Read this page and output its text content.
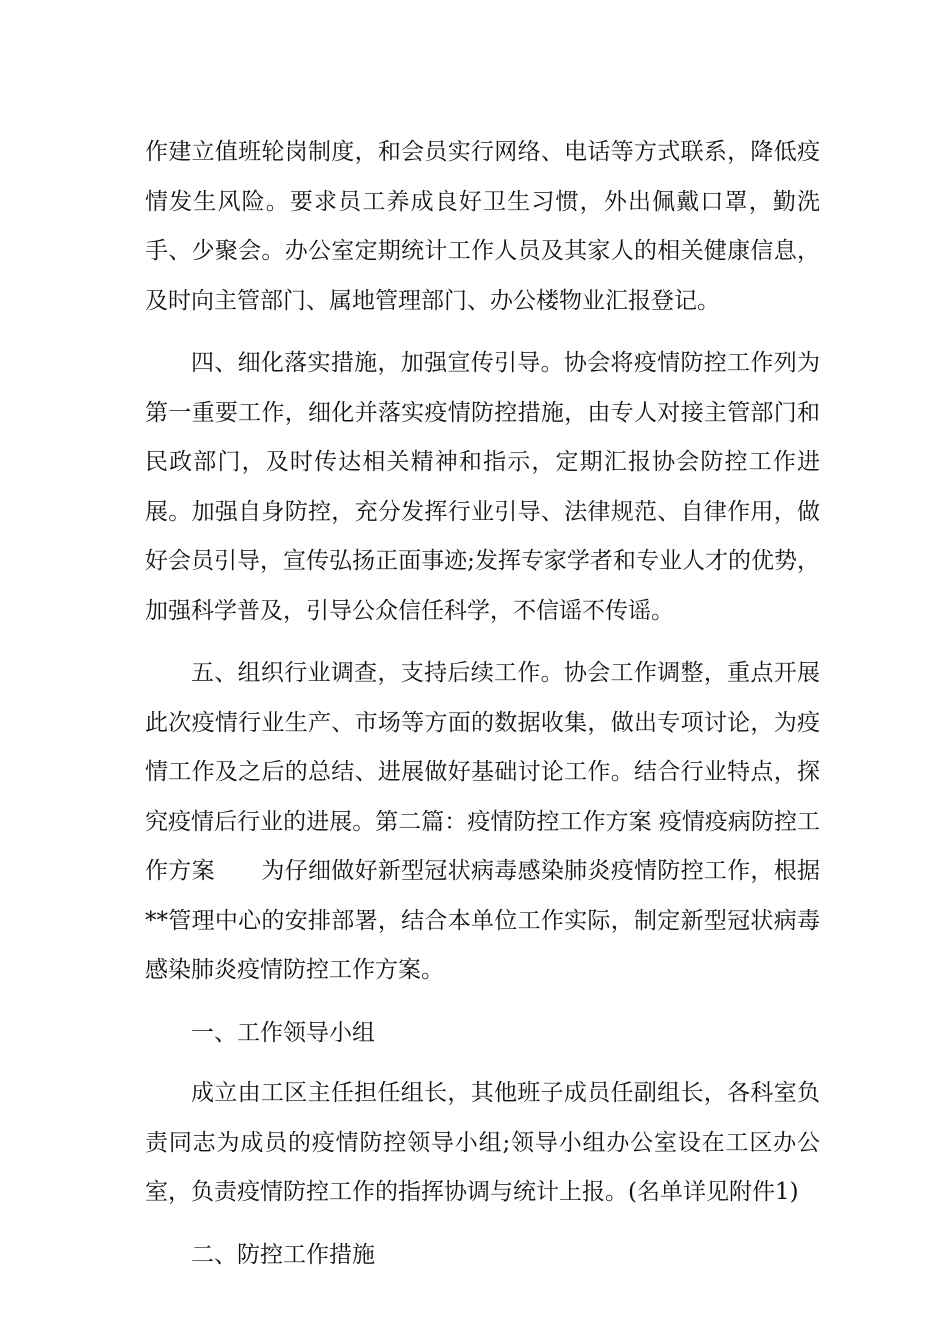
作建立值班轮岗制度，和会员实行网络、电话等方式联系，降低疫情发生风险。要求员工养成良好卫生习惯，外出佩戴口罩，勤洗手、少聚会。办公室定期统计工作人员及其家人的相关健康信息，及时向主管部门、属地管理部门、办公楼物业汇报登记。

四、细化落实措施，加强宣传引导。协会将疫情防控工作列为第一重要工作，细化并落实疫情防控措施，由专人对接主管部门和民政部门，及时传达相关精神和指示，定期汇报协会防控工作进展。加强自身防控，充分发挥行业引导、法律规范、自律作用，做好会员引导，宣传弘扬正面事迹;发挥专家学者和专业人才的优势，加强科学普及，引导公众信任科学，不信谣不传谣。

五、组织行业调查，支持后续工作。协会工作调整，重点开展此次疫情行业生产、市场等方面的数据收集，做出专项讨论，为疫情工作及之后的总结、进展做好基础讨论工作。结合行业特点，探究疫情后行业的进展。第二篇：疫情防控工作方案 疫情疫病防控工作方案　　为仔细做好新型冠状病毒感染肺炎疫情防控工作，根据**管理中心的安排部署，结合本单位工作实际，制定新型冠状病毒感染肺炎疫情防控工作方案。

一、工作领导小组

成立由工区主任担任组长，其他班子成员任副组长，各科室负责同志为成员的疫情防控领导小组;领导小组办公室设在工区办公室，负责疫情防控工作的指挥协调与统计上报。(名单详见附件1)

二、防控工作措施
